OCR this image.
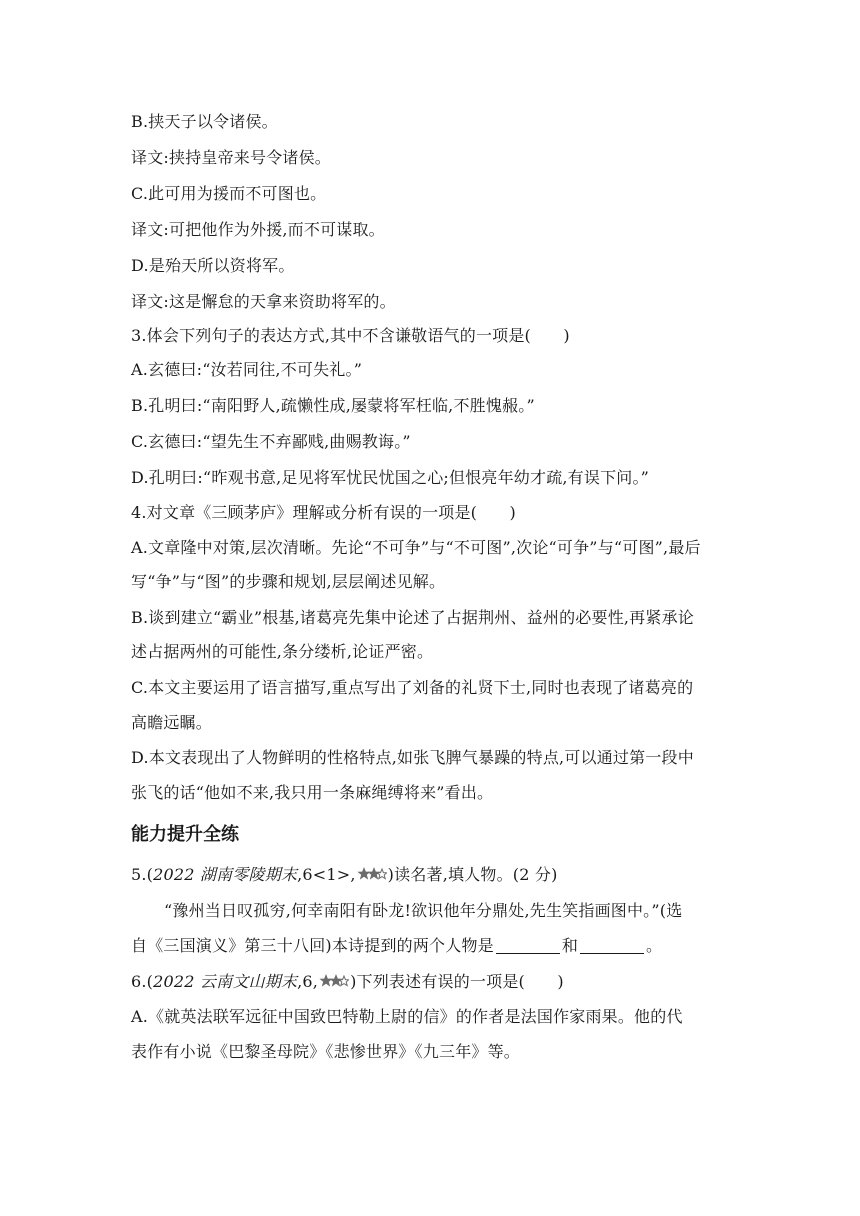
B.挟天子以令诸侯。
译文:挟持皇帝来号令诸侯。
C.此可用为援而不可图也。
译文:可把他作为外援,而不可谋取。
D.是殆天所以资将军。
译文:这是懈怠的天拿来资助将军的。
3.体会下列句子的表达方式,其中不含谦敬语气的一项是(　　)
A.玄德曰:“汝若同往,不可失礼。”
B.孔明曰:“南阳野人,疏懒性成,屡蒙将军枉临,不胜愧赧。”
C.玄德曰:“望先生不弃鄙贱,曲赐教诲。”
D.孔明曰:“昨观书意,足见将军忧民忧国之心;但恨亮年幼才疏,有误下问。”
4.对文章《三顾茅庐》理解或分析有误的一项是(　　)
A.文章隆中对策,层次清晰。先论“不可争”与“不可图”,次论“可争”与“可图”,最后
写“争”与“图”的步骤和规划,层层阐述见解。
B.谈到建立“霸业”根基,诸葛亮先集中论述了占据荆州、益州的必要性,再紧承论
述占据两州的可能性,条分缕析,论证严密。
C.本文主要运用了语言描写,重点写出了刘备的礼贤下士,同时也表现了诸葛亮的
高瞻远瞩。
D.本文表现出了人物鲜明的性格特点,如张飞脾气暴躁的特点,可以通过第一段中
张飞的话“他如不来,我只用一条麻绳缚将来”看出。
能力提升全练
5.(2022 湖南零陵期末,6<1>, )读名著,填人物。(2 分)
“豫州当日叹孤穷,何幸南阳有卧龙!欲识他年分鼎处,先生笑指画图中。”(选
自《三国演义》第三十八回)本诗提到的两个人物是	和	。
6.(2022 云南文山期末,6, )下列表述有误的一项是(　　)
A.《就英法联军远征中国致巴特勒上尉的信》的作者是法国作家雨果。他的代
表作有小说《巴黎圣母院》《悲惨世界》《九三年》等。
